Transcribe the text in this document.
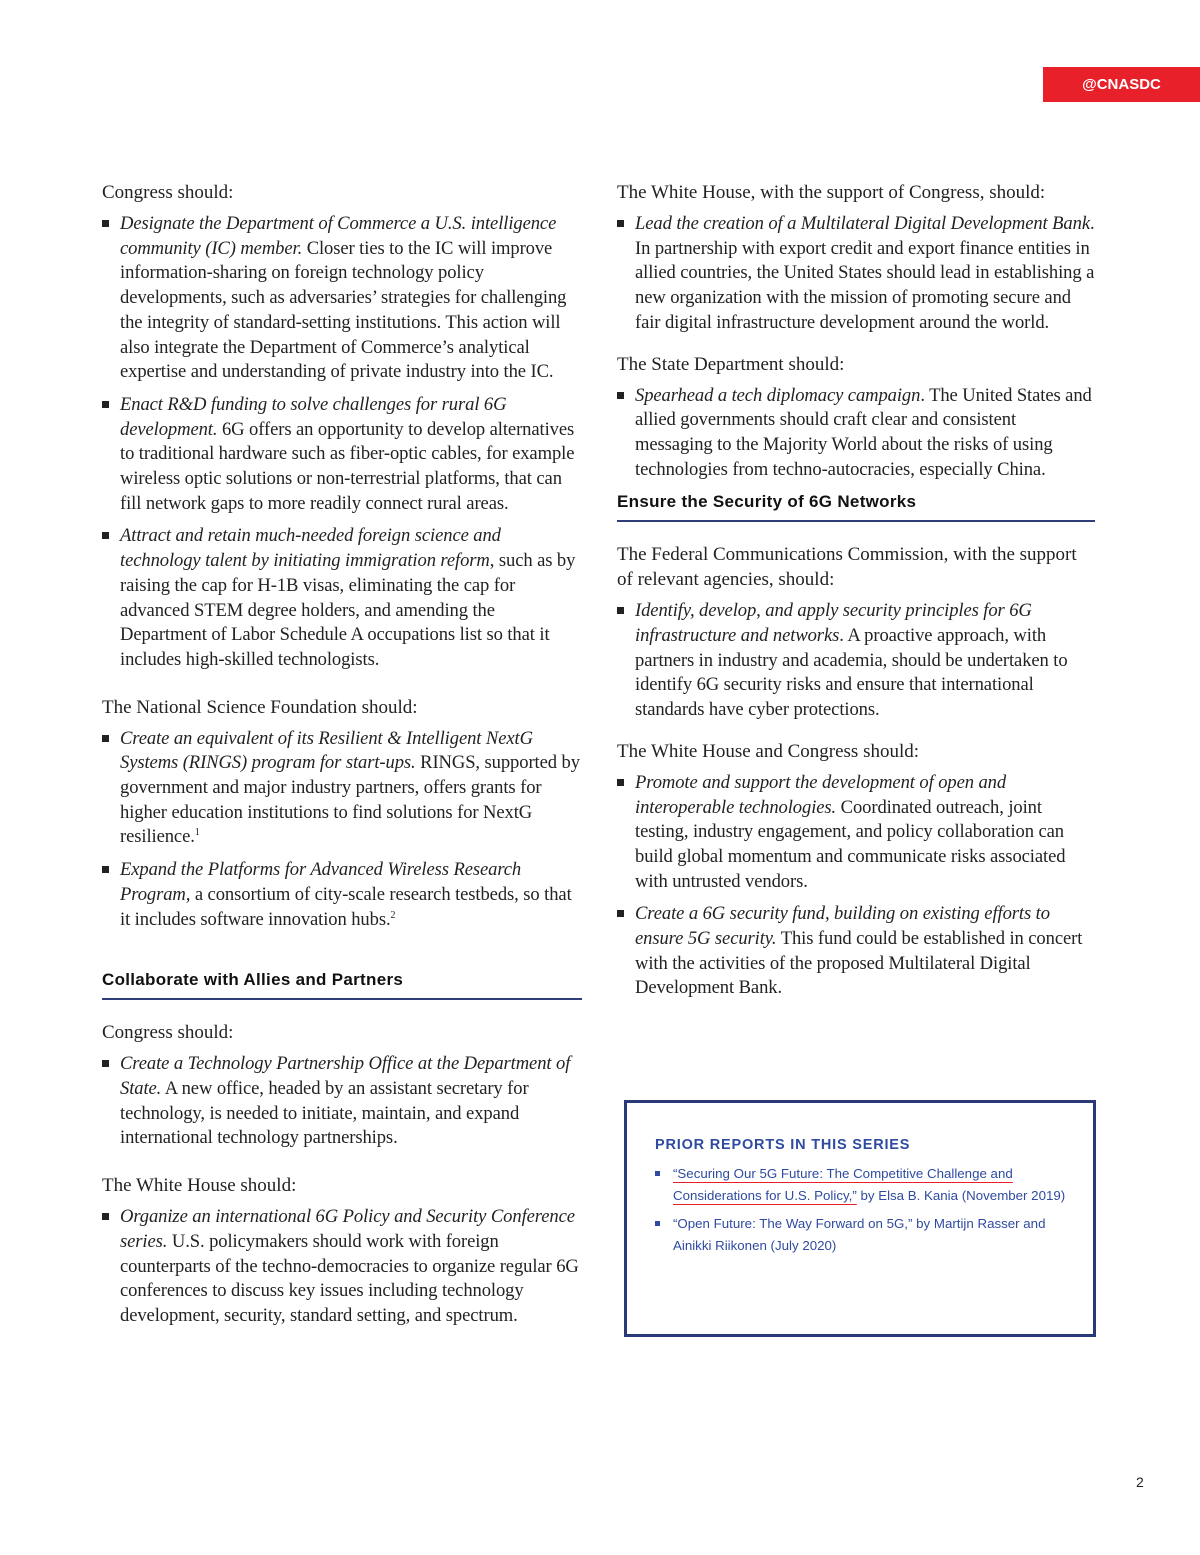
@CNASDC

Congress should:

Designate the Department of Commerce a U.S. intelligence community (IC) member. Closer ties to the IC will improve information-sharing on foreign technology policy developments, such as adversaries’ strategies for challenging the integrity of standard-setting institutions. This action will also integrate the Department of Commerce’s analytical expertise and understanding of private industry into the IC.
Enact R&D funding to solve challenges for rural 6G development. 6G offers an opportunity to develop alternatives to traditional hardware such as fiber-optic cables, for example wireless optic solutions or non-terrestrial platforms, that can fill network gaps to more readily connect rural areas.
Attract and retain much-needed foreign science and technology talent by initiating immigration reform, such as by raising the cap for H-1B visas, eliminating the cap for advanced STEM degree holders, and amending the Department of Labor Schedule A occupations list so that it includes high-skilled technologists.

The National Science Foundation should:

Create an equivalent of its Resilient & Intelligent NextG Systems (RINGS) program for start-ups. RINGS, supported by government and major industry partners, offers grants for higher education institutions to find solutions for NextG resilience.$^1$
Expand the Platforms for Advanced Wireless Research Program, a consortium of city-scale research testbeds, so that it includes software innovation hubs.$^2$
Collaborate with Allies and Partners

Congress should:

Create a Technology Partnership Office at the Department of State. A new office, headed by an assistant secretary for technology, is needed to initiate, maintain, and expand international technology partnerships.

The White House should:

Organize an international 6G Policy and Security Conference series. U.S. policymakers should work with foreign counterparts of the techno-democracies to organize regular 6G conferences to discuss key issues including technology development, security, standard setting, and spectrum.

The White House, with the support of Congress, should:

Lead the creation of a Multilateral Digital Development Bank. In partnership with export credit and export finance entities in allied countries, the United States should lead in establishing a new organization with the mission of promoting secure and fair digital infrastructure development around the world.

The State Department should:

Spearhead a tech diplomacy campaign. The United States and allied governments should craft clear and consistent messaging to the Majority World about the risks of using technologies from techno-autocracies, especially China.
Ensure the Security of 6G Networks

The Federal Communications Commission, with the support of relevant agencies, should:

Identify, develop, and apply security principles for 6G infrastructure and networks. A proactive approach, with partners in industry and academia, should be undertaken to identify 6G security risks and ensure that international standards have cyber protections.

The White House and Congress should:

Promote and support the development of open and interoperable technologies. Coordinated outreach, joint testing, industry engagement, and policy collaboration can build global momentum and communicate risks associated with untrusted vendors.
Create a 6G security fund, building on existing efforts to ensure 5G security. This fund could be established in concert with the activities of the proposed Multilateral Digital Development Bank.
PRIOR REPORTS IN THIS SERIES
“Securing Our 5G Future: The Competitive Challenge and Considerations for U.S. Policy,” by Elsa B. Kania (November 2019)
“Open Future: The Way Forward on 5G,” by Martijn Rasser and Ainikki Riikonen (July 2020)
2
